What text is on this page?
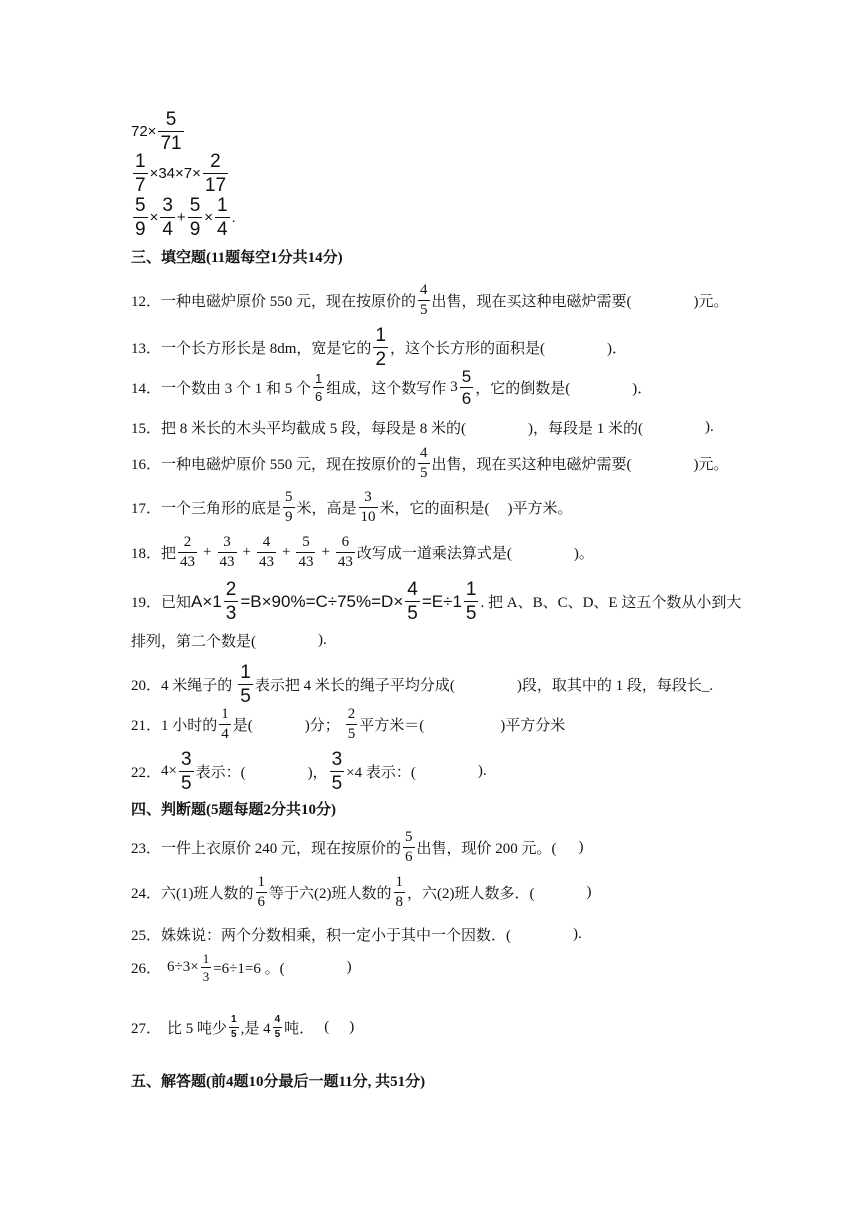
$72\times \frac{5}{71}$
$\frac{1}{7} \times 34\times 7\times \frac{2}{17}$
$\frac{5}{9} \times \frac{3}{4} + \frac{5}{9} \times \frac{1}{4}$ .
三、填空题(11题每空1分共14分)
12． 一种电磁炉原价 550 元，现在按原价的 $\frac{4}{5}$ 出售，现在买这种电磁炉需要(	)元。
13． 一个长方形长是 8dm，宽是它的 $\frac{1}{2}$ ，这个长方形的面积是(	)．
14． 一个数由 3 个 1 和 5 个 $\frac{1}{6}$ 组成，这个数写作 $3 \frac{5}{6}$ ，它的倒数是(	)．
15． 把 8 米长的木头平均截成 5 段，每段是 8 米的(	)，每段是 1 米的(	).
16． 一种电磁炉原价 550 元，现在按原价的 $\frac{4}{5}$ 出售，现在买这种电磁炉需要(	)元。
17． 一个三角形的底是 $\frac{5}{9}$ 米，高是 $\frac{3}{10}$ 米，它的面积是( )平方米。
18． 把 $\frac{2}{43} + \frac{3}{43} + \frac{4}{43} + \frac{5}{43} + \frac{6}{43}$ 改写成一道乘法算式是(	)。
19． 已知 $A\times 1 \frac{2}{3} =B\times 90\%=C\div 75\%=D\times \frac{4}{5} =E\div 1 \frac{1}{5}$ . 把 A、B、C、D、E 这五个数从小到大
排列，第二个数是(	).
20． 4 米绳子的 $\frac{1}{5}$ 表示把 4 米长的绳子平均分成(	)段，取其中的 1 段，每段长_.
21． 1 小时的 $\frac{1}{4}$ 是(	)分； $\frac{2}{5}$ 平方米＝(	)平方分米
22． $4\times \frac{3}{5}$ 表示：(	)， $\frac{3}{5} \times 4$ 表示：(	).
四、判断题(5题每题2分共10分)
23． 一件上衣原价 240 元，现在按原价的 $\frac{5}{6}$ 出售，现价 200 元。( )
24． 六(1)班人数的 $\frac{1}{6}$ 等于六(2)班人数的 $\frac{1}{8}$ ，六(2)班人数多．(	)
25． 姝姝说：两个分数相乘，积一定小于其中一个因数．(	).
26． $6\div 3\times \frac{1}{3} =6\div 1=6$ 。(	)
27． 比 5 吨少 $\frac{1}{5}$ ,是 $4 \frac{4}{5}$ 吨． ( )
五、解答题(前4题10分最后一题11分, 共51分)
